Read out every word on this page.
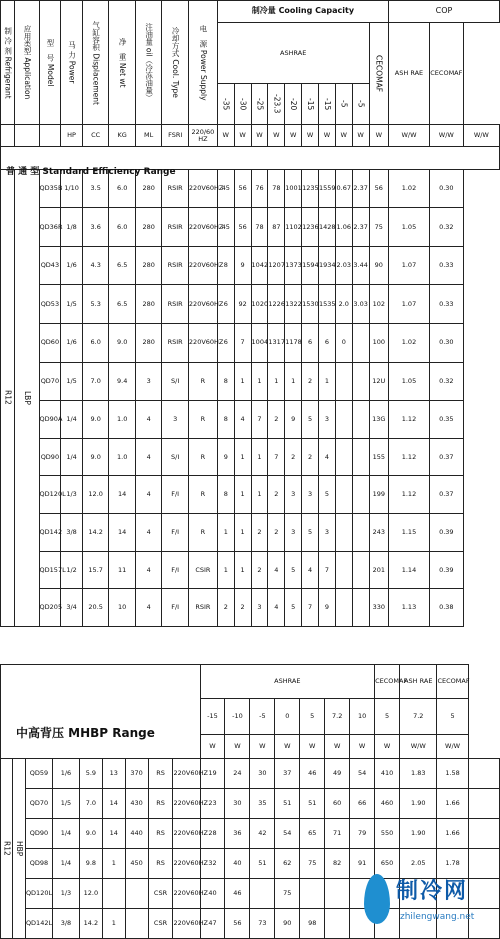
制 冷 剂 Refrigerant	应用类型 Application	型　号 Model	马 力 Power	气缸容积 Displacement	净　重 Net wt	注油量 oil（冷冻油量）	冷却方式 Cool. Type	电　源 Power Supply	制冷量 Cooling Capacity										COP		

									ASHRAE									CECOMAF	ASH RAE	CECOMAF	

									-35	-30	-25	-23.3	-20	-15	-15	-5	-5				

			HP	CC	KG	ML	FSRI	220/60 HZ	W	W	W	W	W	W	W	W	W	W	W/W	W/W	W/W

R12	LBP	QD35B	1/10	3.5	6.0	280	RSIR	220V60HZ	45	56	76	78	1001	1235	1559	0.67	2.37	56	1.02	0.30	

		QD36R	1/8	3.6	6.0	280	RSIR	220V60HZ	45	56	78	87	1102	1236	1428	1.06	2.37	75	1.05	0.32	

		QD43	1/6	4.3	6.5	280	RSIR	220V60HZ	8	9	1042	1207	1373	1594	1934	2.03	3.44	90	1.07	0.33	

		QD53	1/5	5.3	6.5	280	RSIR	220V60HZ	6	92	1020	1226	1322	1530	1535	2.0	3.03	102	1.07	0.33	

		QD60	1/6	6.0	9.0	280	RSIR	220V60HZ	6	7	1004	1317	1178	6	6	0		100	1.02	0.30	

		QD70	1/5	7.0	9.4	3	S/I	R	8	1	1	1	1	2	1			12U	1.05	0.32	

		QD90A	1/4	9.0	1.0	4	3	R	8	4	7	2	9	5	3			13G	1.12	0.35	

		QD90	1/4	9.0	1.0	4	S/I	R	9	1	1	7	2	2	4			155	1.12	0.37	

		QD120L	1/3	12.0	14	4	F/I	R	8	1	1	2	3	3	5			199	1.12	0.37	

		QD142	3/8	14.2	14	4	F/I	R	1	1	2	2	3	5	3			243	1.15	0.39	

		QD157L	1/2	15.7	11	4	F/I	CSIR	1	1	2	4	5	4	7			201	1.14	0.39	

		QD205	3/4	20.5	10	4	F/I	RSIR	2	2	3	4	5	7	9			330	1.13	0.38	
普 通 型 Standard Efficiency Range

									ASHRAE							CECOMAF	ASH RAE	CECOMAF	

									-15	-10	-5	0	5	7.2	10	5	7.2	5	

									W	W	W	W	W	W	W	W	W/W	W/W	

R12	HBP	QD59	1/6	5.9	13	370	RS	220V60HZ	19	24	30	37	46	49	54	410	1.83	1.58	

		QD70	1/5	7.0	14	430	RS	220V60HZ	23	30	35	51	51	60	66	460	1.90	1.66	

		QD90	1/4	9.0	14	440	RS	220V60HZ	28	36	42	54	65	71	79	550	1.90	1.66	

		QD98	1/4	9.8	1	450	RS	220V60HZ	32	40	51	62	75	82	91	650	2.05	1.78	

		QD120L	1/3	12.0			CSR	220V60HZ	40	46		75							

		QD142L	3/8	14.2	1		CSR	220V60HZ	47	56	73	90	98						

中高背压 MHBP Range
制冷网
zhilengwang.net
